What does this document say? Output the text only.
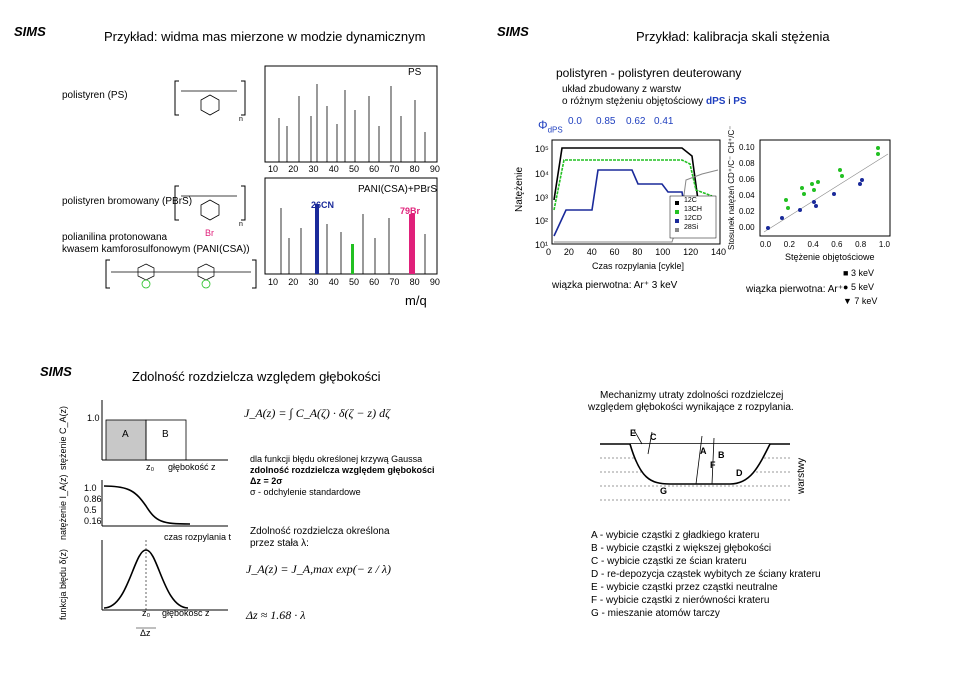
SIMS	Przykład: widma mas mierzone w modzie dynamicznym
polistyren (PS)
polistyren bromowany (PBrS)
polianilina protonowana
kwasem kamforosulfonowym (PANI(CSA))
n
n
Br
PS
PANI(CSA)+PBrS
26CN
79Br
10 20 30 40 50 60 70 80 90
10 20 30 40 50 60 70 80 90
m/q
SIMS	Przykład: kalibracja skali stężenia
polistyren - polistyren deuterowany
układ zbudowany z warstw
o różnym stężeniu objętościowy dPS i PS
$\Phi_{dPS}$
0.0 0.85 0.62 0.41
Natężenie
10⁵
10⁴
10³
10²
10¹
12C
13CH
12CD
28Si
0 20 40 60 80 100 120 140
Czas rozpylania [cykle]
wiązka pierwotna: Ar⁺ 3 keV
Stosunek natężeń CD⁺/C⁻ CH⁺/C⁻ 0.10
0.08
0.06
0.04
0.02
0.00
0.0 0.2 0.4 0.6 0.8 1.0
Stężenie objętościowe
■ 3 keV
● 5 keV
▼ 7 keV
wiązka pierwotna: Ar⁺
SIMS	Zdolność rozdzielcza względem głębokości
stężenie C_A(z)
natężenie I_A(z)
funkcja błędu δ(z)
1.0
1.0
0.86
0.5
0.16
A	B
z₀ głębokość z
czas rozpylania t
z₀ głębokość z
Δz
J_A(z) = ∫ C_A(ζ) · δ(ζ − z) dζ
dla funkcji błędu określonej krzywą Gaussa
zdolność rozdzielcza względem głębokości
Δz = 2σ
σ - odchylenie standardowe
Zdolność rozdzielcza określona
przez stała λ:
J_A(z) = J_A,max exp(− z / λ)
Δz ≈ 1.68 · λ
Mechanizmy utraty zdolności rozdzielczej
względem głębokości wynikające z rozpylania.
E C
A B
F
D
G	warstwy
A - wybicie cząstki z gładkiego krateru
B - wybicie cząstki z większej głębokości
C - wybicie cząstki ze ścian krateru
D - re-depozycja cząstek wybitych ze ściany krateru
E - wybicie cząstki przez cząstki neutralne
F - wybicie cząstki z nierówności krateru
G - mieszanie atomów tarczy
